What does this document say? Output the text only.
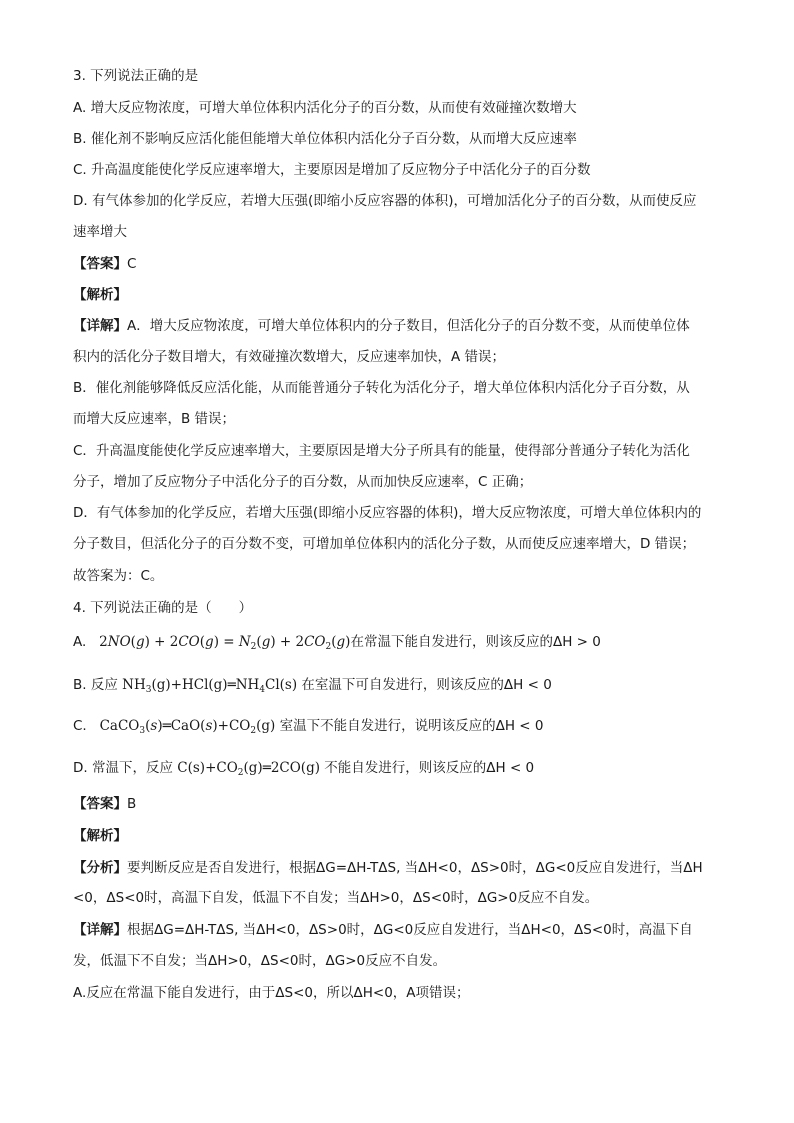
3. 下列说法正确的是
A. 增大反应物浓度，可增大单位体积内活化分子的百分数，从而使有效碰撞次数增大
B. 催化剂不影响反应活化能但能增大单位体积内活化分子百分数，从而增大反应速率
C. 升高温度能使化学反应速率增大，主要原因是增加了反应物分子中活化分子的百分数
D. 有气体参加的化学反应，若增大压强(即缩小反应容器的体积)，可增加活化分子的百分数，从而使反应
速率增大
【答案】C
【解析】
【详解】A．增大反应物浓度，可增大单位体积内的分子数目，但活化分子的百分数不变，从而使单位体
积内的活化分子数目增大，有效碰撞次数增大，反应速率加快，A 错误；
B．催化剂能够降低反应活化能，从而能普通分子转化为活化分子，增大单位体积内活化分子百分数，从
而增大反应速率，B 错误；
C．升高温度能使化学反应速率增大，主要原因是增大分子所具有的能量，使得部分普通分子转化为活化
分子，增加了反应物分子中活化分子的百分数，从而加快反应速率，C 正确；
D．有气体参加的化学反应，若增大压强(即缩小反应容器的体积)，增大反应物浓度，可增大单位体积内的
分子数目，但活化分子的百分数不变，可增加单位体积内的活化分子数，从而使反应速率增大，D 错误；
故答案为：C。
4. 下列说法正确的是（　　）
A.   $2NO(g) + 2CO(g) = N_2(g) + 2CO_2(g)$在常温下能自发进行，则该反应的ΔH > 0
B. 反应 $NH_3(g)+HCl(g)═NH_4Cl(s)$ 在室温下可自发进行，则该反应的ΔH < 0
C.   $CaCO_3(s)═CaO(s)+CO_2(g)$ 室温下不能自发进行，说明该反应的ΔH < 0
D. 常温下，反应 $C(s)+CO_2(g)═2CO(g)$ 不能自发进行，则该反应的ΔH < 0
【答案】B
【解析】
【分析】要判断反应是否自发进行，根据ΔG=ΔH-TΔS, 当ΔH<0，ΔS>0时，ΔG<0反应自发进行，当ΔH
<0，ΔS<0时，高温下自发，低温下不自发；当ΔH>0，ΔS<0时，ΔG>0反应不自发。
【详解】根据ΔG=ΔH-TΔS, 当ΔH<0，ΔS>0时，ΔG<0反应自发进行，当ΔH<0，ΔS<0时，高温下自
发，低温下不自发；当ΔH>0，ΔS<0时，ΔG>0反应不自发。
A.反应在常温下能自发进行，由于ΔS<0，所以ΔH<0，A项错误；
